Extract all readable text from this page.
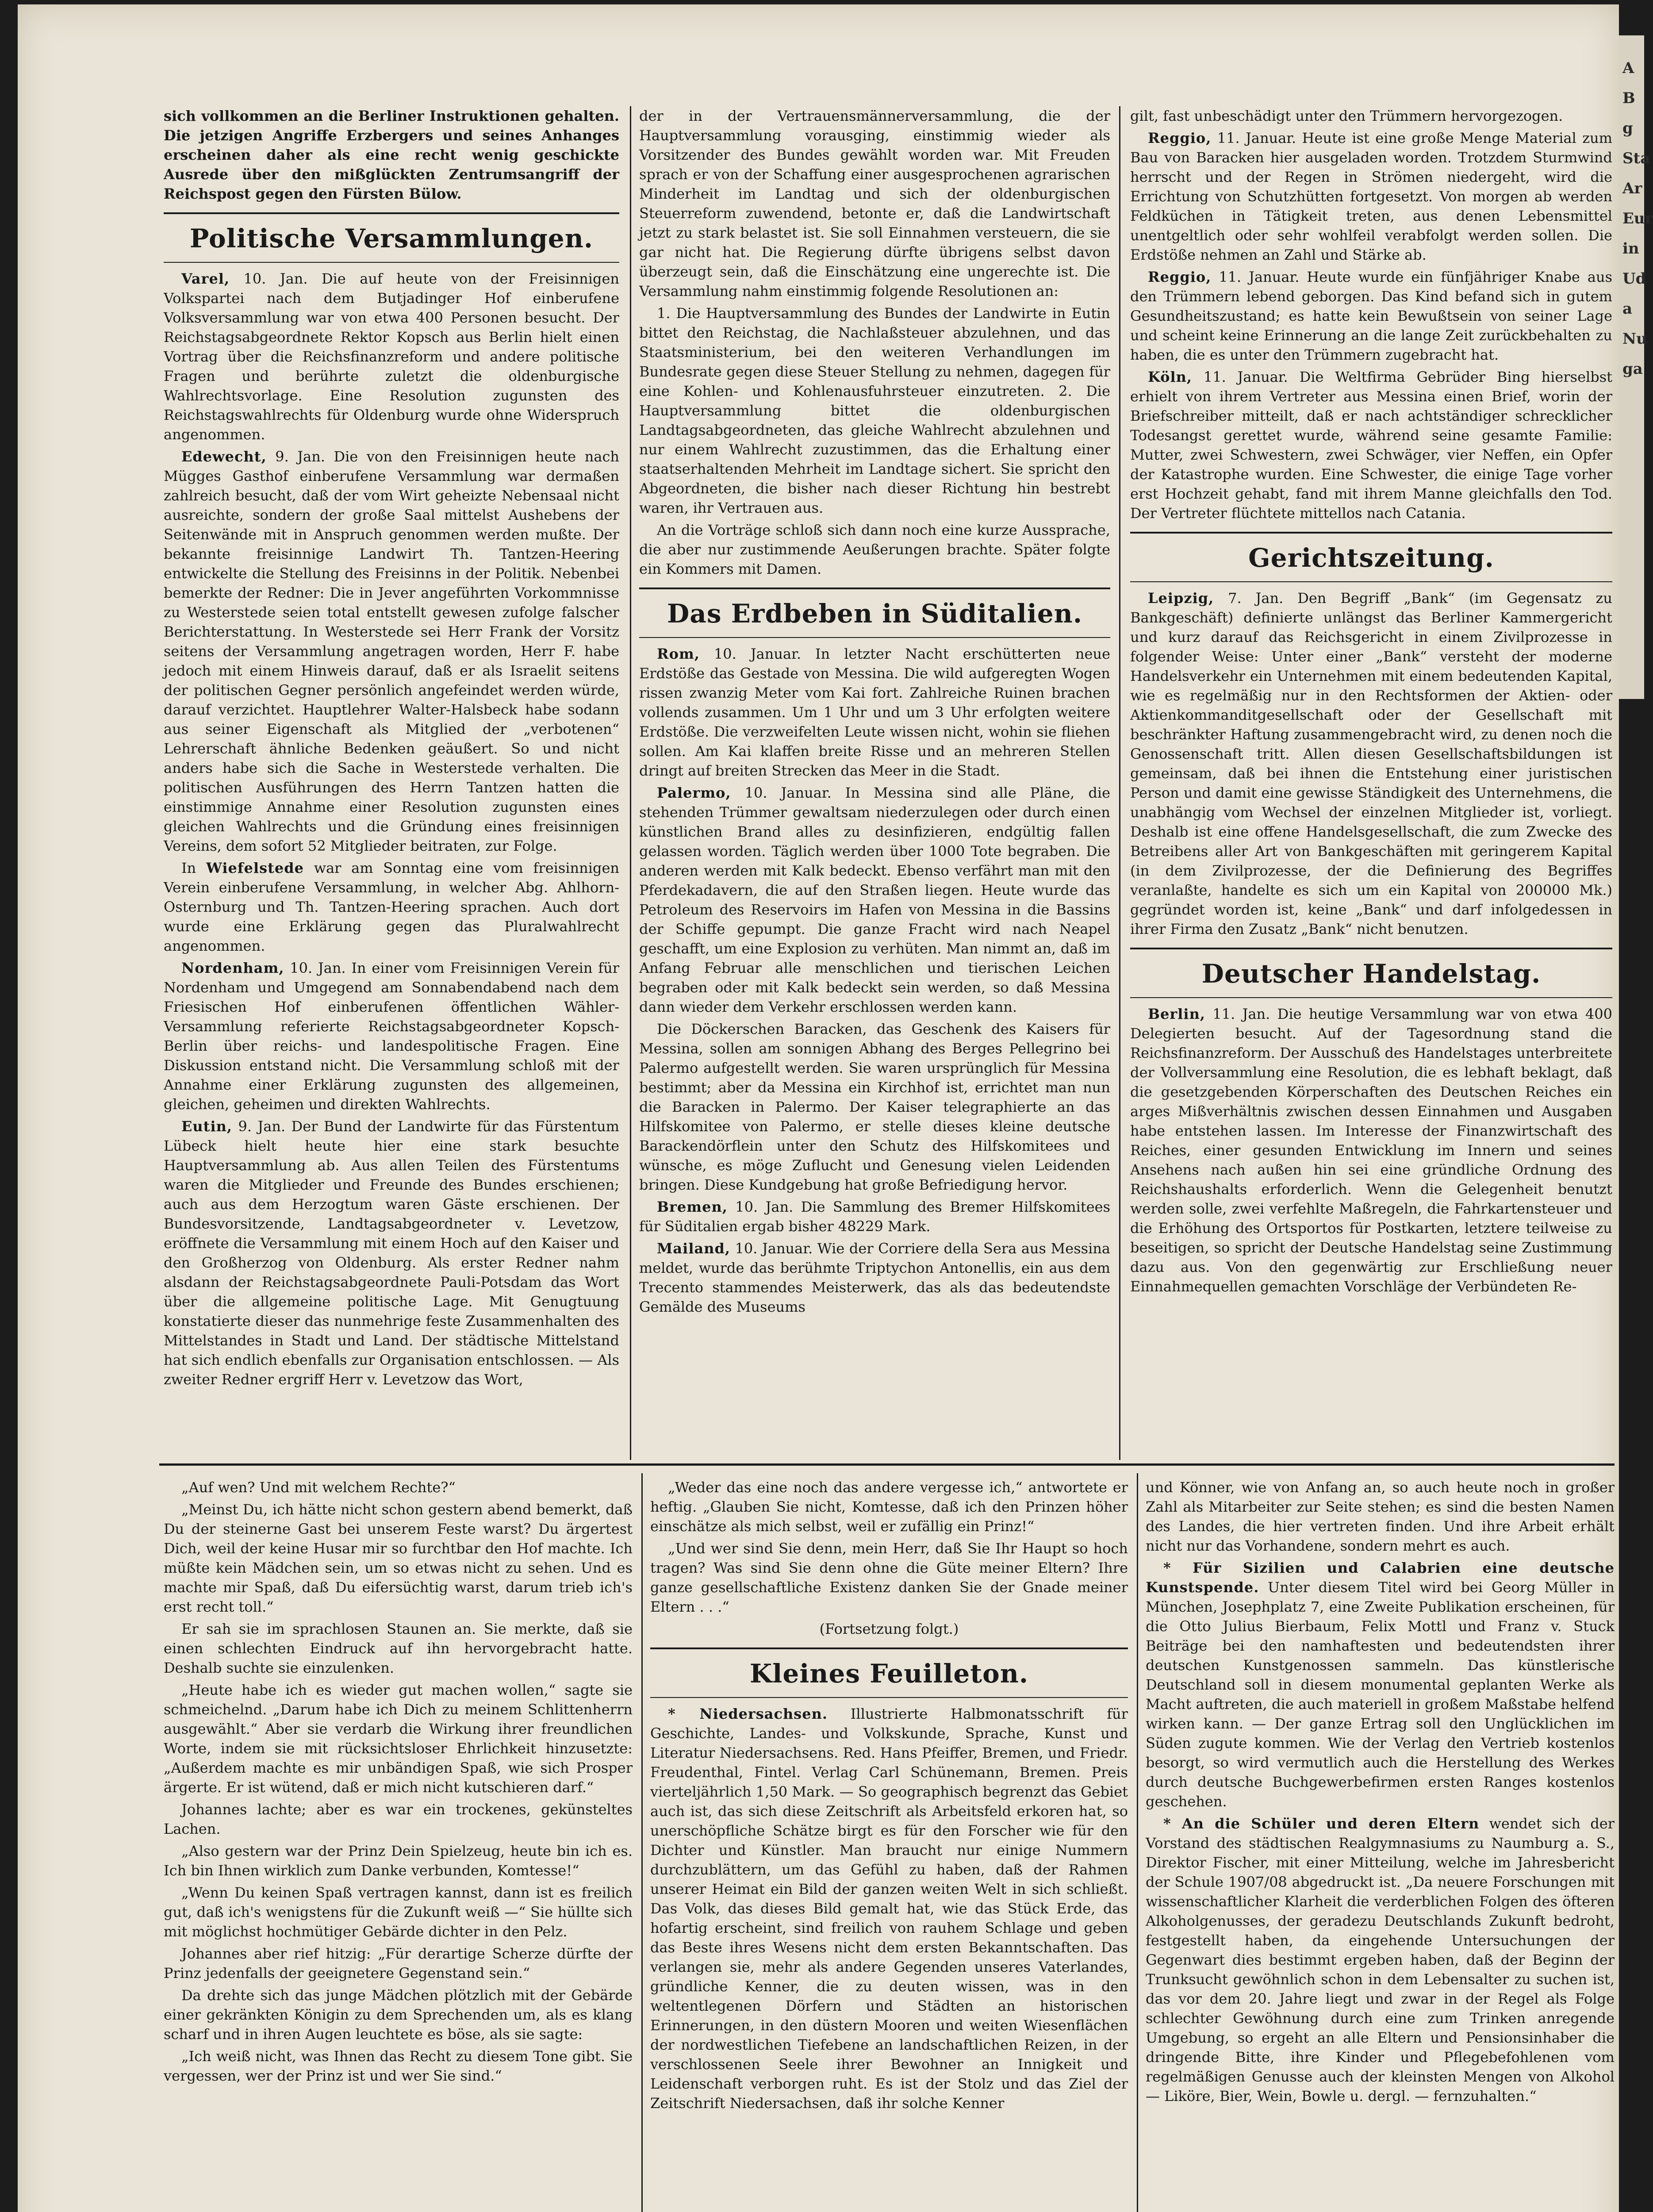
A
B
g
Sta
Ar
Eur
in
Ud
a
Nu
ga

sich vollkommen an die Berliner Instruktionen gehalten. Die jetzigen Angriffe Erzbergers und seines Anhanges erscheinen daher als eine recht wenig geschickte Ausrede über den mißglückten Zentrumsangriff der Reichspost gegen den Fürsten Bülow.

Politische Versammlungen.

Varel, 10. Jan. Die auf heute von der Freisinnigen Volkspartei nach dem Butjadinger Hof einberufene Volksversammlung war von etwa 400 Personen besucht. Der Reichstagsabgeordnete Rektor Kopsch aus Berlin hielt einen Vortrag über die Reichsfinanzreform und andere politische Fragen und berührte zuletzt die oldenburgische Wahlrechtsvorlage. Eine Resolution zugunsten des Reichstagswahlrechts für Oldenburg wurde ohne Widerspruch angenommen.

Edewecht, 9. Jan. Die von den Freisinnigen heute nach Mügges Gasthof einberufene Versammlung war dermaßen zahlreich besucht, daß der vom Wirt geheizte Nebensaal nicht ausreichte, sondern der große Saal mittelst Aushebens der Seitenwände mit in Anspruch genommen werden mußte. Der bekannte freisinnige Landwirt Th. Tantzen-Heering entwickelte die Stellung des Freisinns in der Politik. Nebenbei bemerkte der Redner: Die in Jever angeführten Vorkommnisse zu Westerstede seien total entstellt gewesen zufolge falscher Berichterstattung. In Westerstede sei Herr Frank der Vorsitz seitens der Versammlung angetragen worden, Herr F. habe jedoch mit einem Hinweis darauf, daß er als Israelit seitens der politischen Gegner persönlich angefeindet werden würde, darauf verzichtet. Hauptlehrer Walter-Halsbeck habe sodann aus seiner Eigenschaft als Mitglied der „verbotenen“ Lehrerschaft ähnliche Bedenken geäußert. So und nicht anders habe sich die Sache in Westerstede verhalten. Die politischen Ausführungen des Herrn Tantzen hatten die einstimmige Annahme einer Resolution zugunsten eines gleichen Wahlrechts und die Gründung eines freisinnigen Vereins, dem sofort 52 Mitglieder beitraten, zur Folge.

In Wiefelstede war am Sonntag eine vom freisinnigen Verein einberufene Versammlung, in welcher Abg. Ahlhorn-Osternburg und Th. Tantzen-Heering sprachen. Auch dort wurde eine Erklärung gegen das Pluralwahlrecht angenommen.

Nordenham, 10. Jan. In einer vom Freisinnigen Verein für Nordenham und Umgegend am Sonnabendabend nach dem Friesischen Hof einberufenen öffentlichen Wähler-Versammlung referierte Reichstagsabgeordneter Kopsch-Berlin über reichs- und landespolitische Fragen. Eine Diskussion entstand nicht. Die Versammlung schloß mit der Annahme einer Erklärung zugunsten des allgemeinen, gleichen, geheimen und direkten Wahlrechts.

Eutin, 9. Jan. Der Bund der Landwirte für das Fürstentum Lübeck hielt heute hier eine stark besuchte Hauptversammlung ab. Aus allen Teilen des Fürstentums waren die Mitglieder und Freunde des Bundes erschienen; auch aus dem Herzogtum waren Gäste erschienen. Der Bundesvorsitzende, Landtagsabgeordneter v. Levetzow, eröffnete die Versammlung mit einem Hoch auf den Kaiser und den Großherzog von Oldenburg. Als erster Redner nahm alsdann der Reichstagsabgeordnete Pauli-Potsdam das Wort über die allgemeine politische Lage. Mit Genugtuung konstatierte dieser das nunmehrige feste Zusammenhalten des Mittelstandes in Stadt und Land. Der städtische Mittelstand hat sich endlich ebenfalls zur Organisation entschlossen. — Als zweiter Redner ergriff Herr v. Levetzow das Wort,

der in der Vertrauensmännerversammlung, die der Hauptversammlung vorausging, einstimmig wieder als Vorsitzender des Bundes gewählt worden war. Mit Freuden sprach er von der Schaffung einer ausgesprochenen agrarischen Minderheit im Landtag und sich der oldenburgischen Steuerreform zuwendend, betonte er, daß die Landwirtschaft jetzt zu stark belastet ist. Sie soll Einnahmen versteuern, die sie gar nicht hat. Die Regierung dürfte übrigens selbst davon überzeugt sein, daß die Einschätzung eine ungerechte ist. Die Versammlung nahm einstimmig folgende Resolutionen an:

1. Die Hauptversammlung des Bundes der Landwirte in Eutin bittet den Reichstag, die Nachlaßsteuer abzulehnen, und das Staatsministerium, bei den weiteren Verhandlungen im Bundesrate gegen diese Steuer Stellung zu nehmen, dagegen für eine Kohlen- und Kohlenausfuhrsteuer einzutreten. 2. Die Hauptversammlung bittet die oldenburgischen Landtagsabgeordneten, das gleiche Wahlrecht abzulehnen und nur einem Wahlrecht zuzustimmen, das die Erhaltung einer staatserhaltenden Mehrheit im Landtage sichert. Sie spricht den Abgeordneten, die bisher nach dieser Richtung hin bestrebt waren, ihr Vertrauen aus.

An die Vorträge schloß sich dann noch eine kurze Aussprache, die aber nur zustimmende Aeußerungen brachte. Später folgte ein Kommers mit Damen.

Das Erdbeben in Süditalien.

Rom, 10. Januar. In letzter Nacht erschütterten neue Erdstöße das Gestade von Messina. Die wild aufgeregten Wogen rissen zwanzig Meter vom Kai fort. Zahlreiche Ruinen brachen vollends zusammen. Um 1 Uhr und um 3 Uhr erfolgten weitere Erdstöße. Die verzweifelten Leute wissen nicht, wohin sie fliehen sollen. Am Kai klaffen breite Risse und an mehreren Stellen dringt auf breiten Strecken das Meer in die Stadt.

Palermo, 10. Januar. In Messina sind alle Pläne, die stehenden Trümmer gewaltsam niederzulegen oder durch einen künstlichen Brand alles zu desinfizieren, endgültig fallen gelassen worden. Täglich werden über 1000 Tote begraben. Die anderen werden mit Kalk bedeckt. Ebenso verfährt man mit den Pferdekadavern, die auf den Straßen liegen. Heute wurde das Petroleum des Reservoirs im Hafen von Messina in die Bassins der Schiffe gepumpt. Die ganze Fracht wird nach Neapel geschafft, um eine Explosion zu verhüten. Man nimmt an, daß im Anfang Februar alle menschlichen und tierischen Leichen begraben oder mit Kalk bedeckt sein werden, so daß Messina dann wieder dem Verkehr erschlossen werden kann.

Die Döckerschen Baracken, das Geschenk des Kaisers für Messina, sollen am sonnigen Abhang des Berges Pellegrino bei Palermo aufgestellt werden. Sie waren ursprünglich für Messina bestimmt; aber da Messina ein Kirchhof ist, errichtet man nun die Baracken in Palermo. Der Kaiser telegraphierte an das Hilfskomitee von Palermo, er stelle dieses kleine deutsche Barackendörflein unter den Schutz des Hilfskomitees und wünsche, es möge Zuflucht und Genesung vielen Leidenden bringen. Diese Kundgebung hat große Befriedigung hervor.

Bremen, 10. Jan. Die Sammlung des Bremer Hilfskomitees für Süditalien ergab bisher 48229 Mark.

Mailand, 10. Januar. Wie der Corriere della Sera aus Messina meldet, wurde das berühmte Triptychon Antonellis, ein aus dem Trecento stammendes Meisterwerk, das als das bedeutendste Gemälde des Museums

gilt, fast unbeschädigt unter den Trümmern hervorgezogen.

Reggio, 11. Januar. Heute ist eine große Menge Material zum Bau von Baracken hier ausgeladen worden. Trotzdem Sturmwind herrscht und der Regen in Strömen niedergeht, wird die Errichtung von Schutzhütten fortgesetzt. Von morgen ab werden Feldküchen in Tätigkeit treten, aus denen Lebensmittel unentgeltlich oder sehr wohlfeil verabfolgt werden sollen. Die Erdstöße nehmen an Zahl und Stärke ab.

Reggio, 11. Januar. Heute wurde ein fünfjähriger Knabe aus den Trümmern lebend geborgen. Das Kind befand sich in gutem Gesundheitszustand; es hatte kein Bewußtsein von seiner Lage und scheint keine Erinnerung an die lange Zeit zurückbehalten zu haben, die es unter den Trümmern zugebracht hat.

Köln, 11. Januar. Die Weltfirma Gebrüder Bing hierselbst erhielt von ihrem Vertreter aus Messina einen Brief, worin der Briefschreiber mitteilt, daß er nach achtständiger schrecklicher Todesangst gerettet wurde, während seine gesamte Familie: Mutter, zwei Schwestern, zwei Schwäger, vier Neffen, ein Opfer der Katastrophe wurden. Eine Schwester, die einige Tage vorher erst Hochzeit gehabt, fand mit ihrem Manne gleichfalls den Tod. Der Vertreter flüchtete mittellos nach Catania.

Gerichtszeitung.

Leipzig, 7. Jan. Den Begriff „Bank“ (im Gegensatz zu Bankgeschäft) definierte unlängst das Berliner Kammergericht und kurz darauf das Reichsgericht in einem Zivilprozesse in folgender Weise: Unter einer „Bank“ versteht der moderne Handelsverkehr ein Unternehmen mit einem bedeutenden Kapital, wie es regelmäßig nur in den Rechtsformen der Aktien- oder Aktienkommanditgesellschaft oder der Gesellschaft mit beschränkter Haftung zusammengebracht wird, zu denen noch die Genossenschaft tritt. Allen diesen Gesellschaftsbildungen ist gemeinsam, daß bei ihnen die Entstehung einer juristischen Person und damit eine gewisse Ständigkeit des Unternehmens, die unabhängig vom Wechsel der einzelnen Mitglieder ist, vorliegt. Deshalb ist eine offene Handelsgesellschaft, die zum Zwecke des Betreibens aller Art von Bankgeschäften mit geringerem Kapital (in dem Zivilprozesse, der die Definierung des Begriffes veranlaßte, handelte es sich um ein Kapital von 200000 Mk.) gegründet worden ist, keine „Bank“ und darf infolgedessen in ihrer Firma den Zusatz „Bank“ nicht benutzen.

Deutscher Handelstag.

Berlin, 11. Jan. Die heutige Versammlung war von etwa 400 Delegierten besucht. Auf der Tagesordnung stand die Reichsfinanzreform. Der Ausschuß des Handelstages unterbreitete der Vollversammlung eine Resolution, die es lebhaft beklagt, daß die gesetzgebenden Körperschaften des Deutschen Reiches ein arges Mißverhältnis zwischen dessen Einnahmen und Ausgaben habe entstehen lassen. Im Interesse der Finanzwirtschaft des Reiches, einer gesunden Entwicklung im Innern und seines Ansehens nach außen hin sei eine gründliche Ordnung des Reichshaushalts erforderlich. Wenn die Gelegenheit benutzt werden solle, zwei verfehlte Maßregeln, die Fahrkartensteuer und die Erhöhung des Ortsportos für Postkarten, letztere teilweise zu beseitigen, so spricht der Deutsche Handelstag seine Zustimmung dazu aus. Von den gegenwärtig zur Erschließung neuer Einnahmequellen gemachten Vorschläge der Verbündeten Re-

„Auf wen? Und mit welchem Rechte?“

„Meinst Du, ich hätte nicht schon gestern abend bemerkt, daß Du der steinerne Gast bei unserem Feste warst? Du ärgertest Dich, weil der keine Husar mir so furchtbar den Hof machte. Ich müßte kein Mädchen sein, um so etwas nicht zu sehen. Und es machte mir Spaß, daß Du eifersüchtig warst, darum trieb ich's erst recht toll.“

Er sah sie im sprachlosen Staunen an. Sie merkte, daß sie einen schlechten Eindruck auf ihn hervorgebracht hatte. Deshalb suchte sie einzulenken.

„Heute habe ich es wieder gut machen wollen,“ sagte sie schmeichelnd. „Darum habe ich Dich zu meinem Schlittenherrn ausgewählt.“ Aber sie verdarb die Wirkung ihrer freundlichen Worte, indem sie mit rücksichtsloser Ehrlichkeit hinzusetzte: „Außerdem machte es mir unbändigen Spaß, wie sich Prosper ärgerte. Er ist wütend, daß er mich nicht kutschieren darf.“

Johannes lachte; aber es war ein trockenes, gekünsteltes Lachen.

„Also gestern war der Prinz Dein Spielzeug, heute bin ich es. Ich bin Ihnen wirklich zum Danke verbunden, Komtesse!“

„Wenn Du keinen Spaß vertragen kannst, dann ist es freilich gut, daß ich's wenigstens für die Zukunft weiß —“ Sie hüllte sich mit möglichst hochmütiger Gebärde dichter in den Pelz.

Johannes aber rief hitzig: „Für derartige Scherze dürfte der Prinz jedenfalls der geeignetere Gegenstand sein.“

Da drehte sich das junge Mädchen plötzlich mit der Gebärde einer gekränkten Königin zu dem Sprechenden um, als es klang scharf und in ihren Augen leuchtete es böse, als sie sagte:

„Ich weiß nicht, was Ihnen das Recht zu diesem Tone gibt. Sie vergessen, wer der Prinz ist und wer Sie sind.“

„Weder das eine noch das andere vergesse ich,“ antwortete er heftig. „Glauben Sie nicht, Komtesse, daß ich den Prinzen höher einschätze als mich selbst, weil er zufällig ein Prinz!“

„Und wer sind Sie denn, mein Herr, daß Sie Ihr Haupt so hoch tragen? Was sind Sie denn ohne die Güte meiner Eltern? Ihre ganze gesellschaftliche Existenz danken Sie der Gnade meiner Eltern . . .“

(Fortsetzung folgt.)

Kleines Feuilleton.

* Niedersachsen. Illustrierte Halbmonatsschrift für Geschichte, Landes- und Volkskunde, Sprache, Kunst und Literatur Niedersachsens. Red. Hans Pfeiffer, Bremen, und Friedr. Freudenthal, Fintel. Verlag Carl Schünemann, Bremen. Preis vierteljährlich 1,50 Mark. — So geographisch begrenzt das Gebiet auch ist, das sich diese Zeitschrift als Arbeitsfeld erkoren hat, so unerschöpfliche Schätze birgt es für den Forscher wie für den Dichter und Künstler. Man braucht nur einige Nummern durchzublättern, um das Gefühl zu haben, daß der Rahmen unserer Heimat ein Bild der ganzen weiten Welt in sich schließt. Das Volk, das dieses Bild gemalt hat, wie das Stück Erde, das hofartig erscheint, sind freilich von rauhem Schlage und geben das Beste ihres Wesens nicht dem ersten Bekanntschaften. Das verlangen sie, mehr als andere Gegenden unseres Vaterlandes, gründliche Kenner, die zu deuten wissen, was in den weltentlegenen Dörfern und Städten an historischen Erinnerungen, in den düstern Mooren und weiten Wiesenflächen der nordwestlichen Tiefebene an landschaftlichen Reizen, in der verschlossenen Seele ihrer Bewohner an Innigkeit und Leidenschaft verborgen ruht. Es ist der Stolz und das Ziel der Zeitschrift Niedersachsen, daß ihr solche Kenner

und Könner, wie von Anfang an, so auch heute noch in großer Zahl als Mitarbeiter zur Seite stehen; es sind die besten Namen des Landes, die hier vertreten finden. Und ihre Arbeit erhält nicht nur das Vorhandene, sondern mehrt es auch.

* Für Sizilien und Calabrien eine deutsche Kunstspende. Unter diesem Titel wird bei Georg Müller in München, Josephplatz 7, eine Zweite Publikation erscheinen, für die Otto Julius Bierbaum, Felix Mottl und Franz v. Stuck Beiträge bei den namhaftesten und bedeutendsten ihrer deutschen Kunstgenossen sammeln. Das künstlerische Deutschland soll in diesem monumental geplanten Werke als Macht auftreten, die auch materiell in großem Maßstabe helfend wirken kann. — Der ganze Ertrag soll den Unglücklichen im Süden zugute kommen. Wie der Verlag den Vertrieb kostenlos besorgt, so wird vermutlich auch die Herstellung des Werkes durch deutsche Buchgewerbefirmen ersten Ranges kostenlos geschehen.

* An die Schüler und deren Eltern wendet sich der Vorstand des städtischen Realgymnasiums zu Naumburg a. S., Direktor Fischer, mit einer Mitteilung, welche im Jahresbericht der Schule 1907/08 abgedruckt ist. „Da neuere Forschungen mit wissenschaftlicher Klarheit die verderblichen Folgen des öfteren Alkoholgenusses, der geradezu Deutschlands Zukunft bedroht, festgestellt haben, da eingehende Untersuchungen der Gegenwart dies bestimmt ergeben haben, daß der Beginn der Trunksucht gewöhnlich schon in dem Lebensalter zu suchen ist, das vor dem 20. Jahre liegt und zwar in der Regel als Folge schlechter Gewöhnung durch eine zum Trinken anregende Umgebung, so ergeht an alle Eltern und Pensionsinhaber die dringende Bitte, ihre Kinder und Pflegebefohlenen vom regelmäßigen Genusse auch der kleinsten Mengen von Alkohol — Liköre, Bier, Wein, Bowle u. dergl. — fernzuhalten.“
